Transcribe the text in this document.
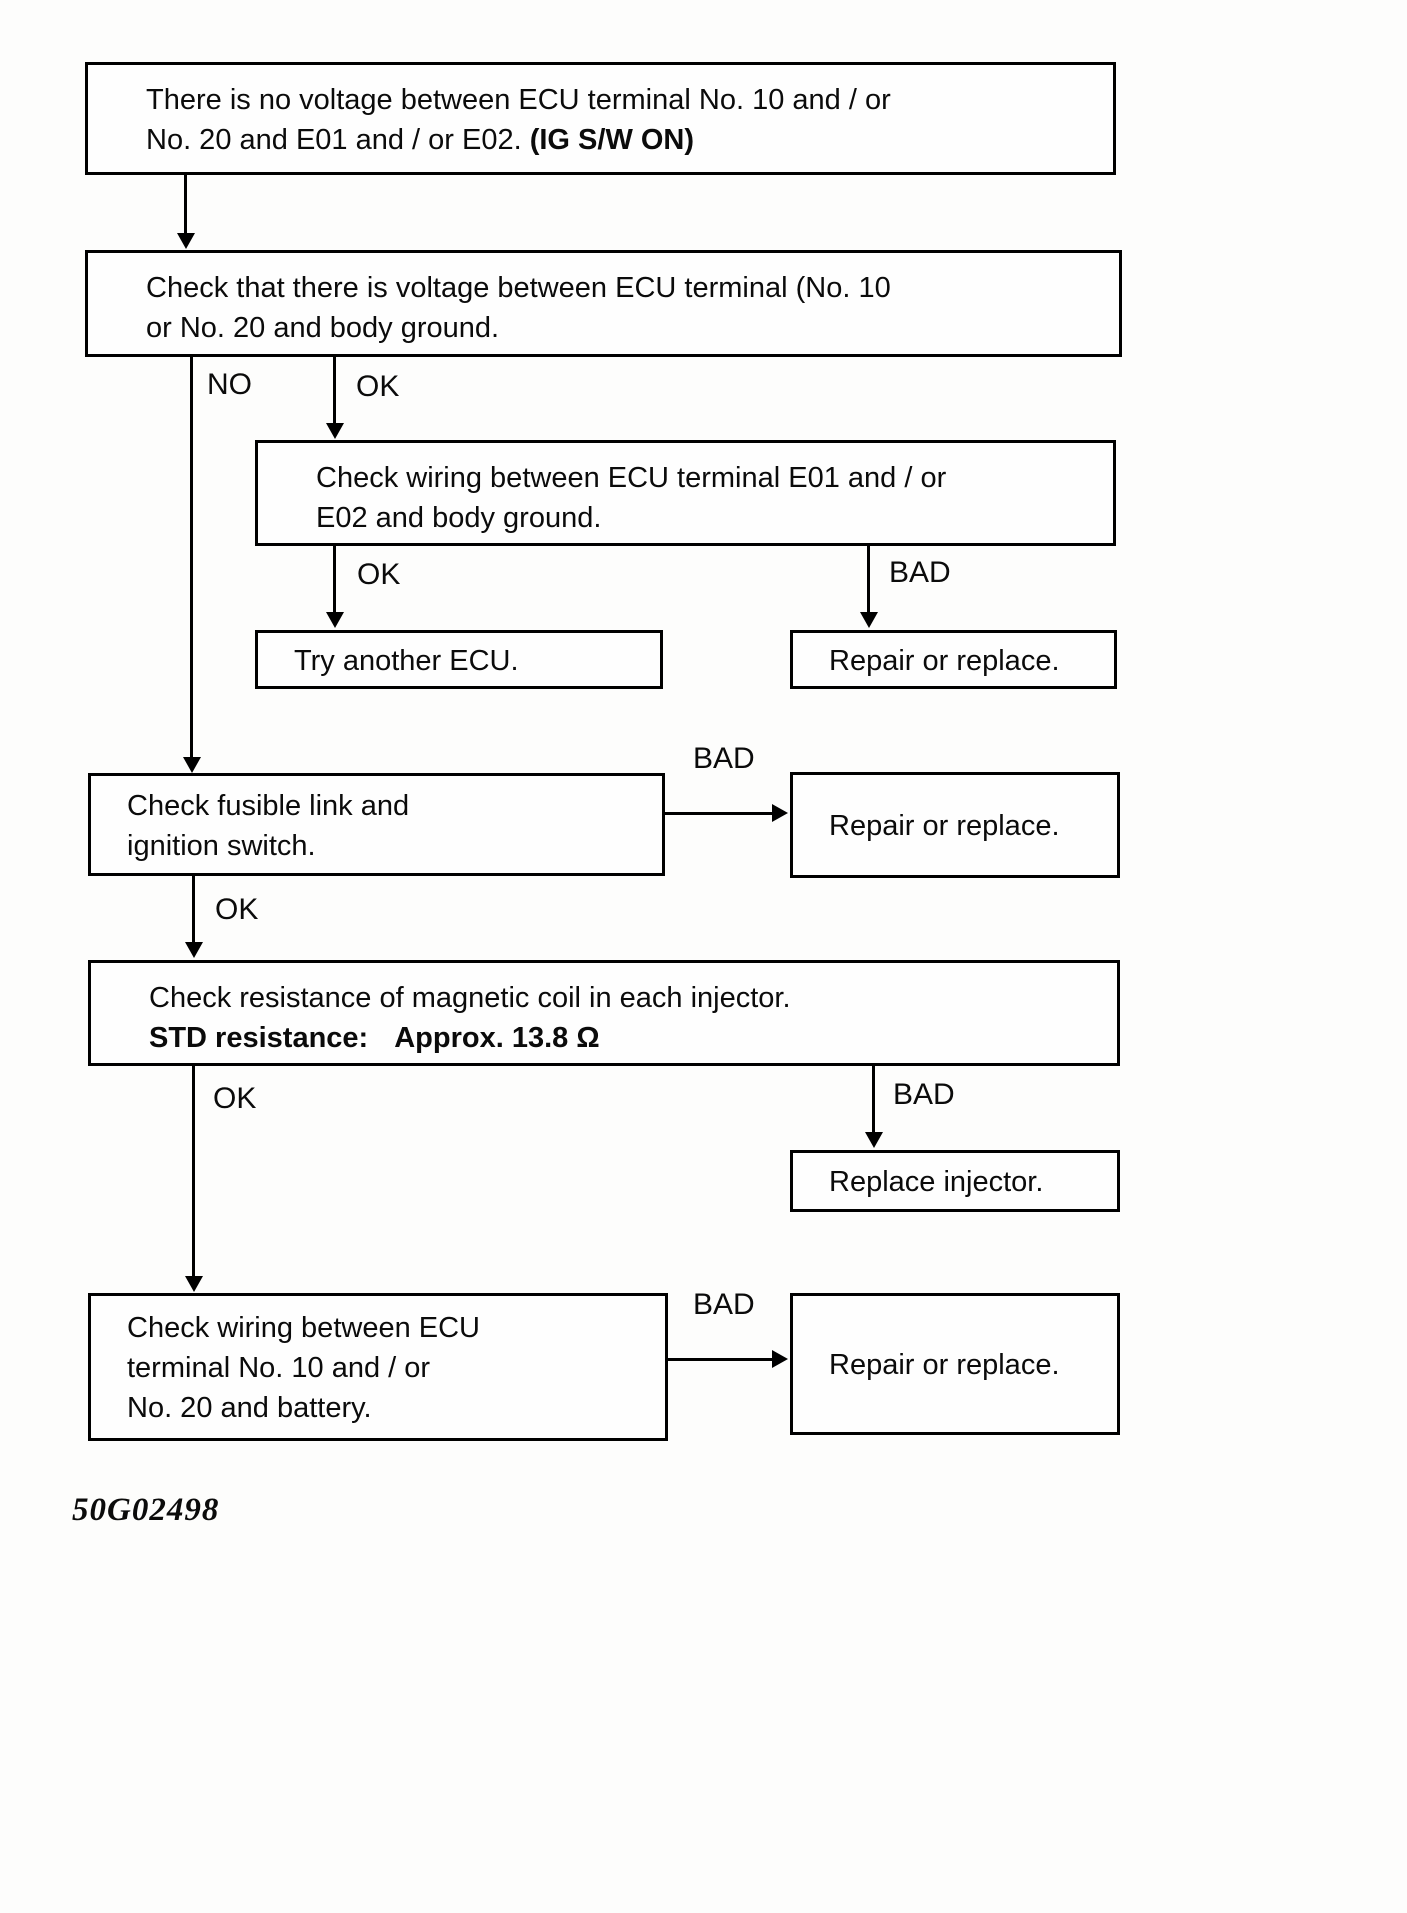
There is no voltage between ECU terminal No. 10 and / or
No. 20 and E01 and / or E02. (IG S/W ON)
Check that there is voltage between ECU terminal (No. 10
or No. 20 and body ground.
NO	OK
Check wiring between ECU terminal E01 and / or
E02 and body ground.
OK	BAD
Try another ECU.	Repair or replace.
Check fusible link and
ignition switch.
BAD
Repair or replace.
OK
Check resistance of magnetic coil in each injector.
STD resistance: Approx. 13.8 Ω
OK	BAD
Replace injector.
Check wiring between ECU
terminal No. 10 and / or
No. 20 and battery.
BAD
Repair or replace.
50G02498
